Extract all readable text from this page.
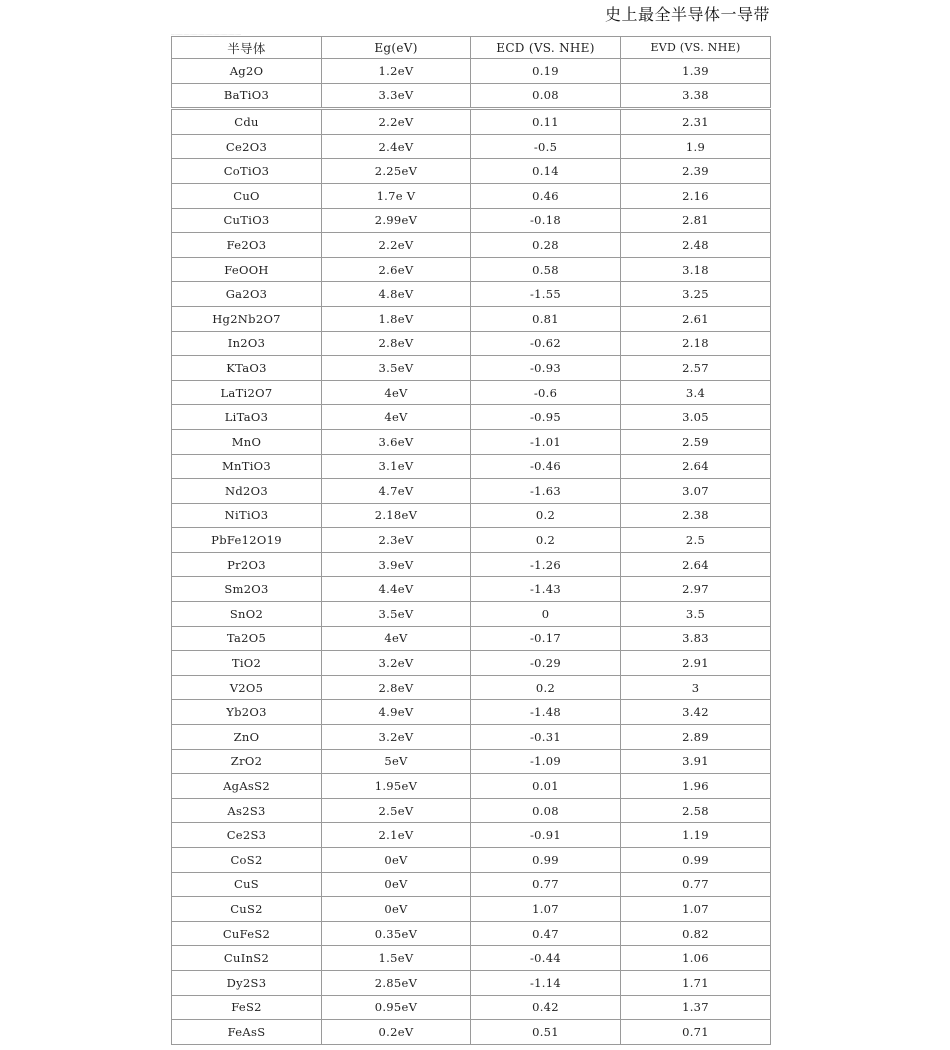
史上最全半导体一导带
·····························································
半导体	Eg(eV)	ECD (VS. NHE)	EVD (VS. NHE)
Ag2O	1.2eV	0.19	1.39
BaTiO3	3.3eV	0.08	3.38
Cdu	2.2eV	0.11	2.31
Ce2O3	2.4eV	-0.5	1.9
CoTiO3	2.25eV	0.14	2.39
CuO	1.7e V	0.46	2.16
CuTiO3	2.99eV	-0.18	2.81
Fe2O3	2.2eV	0.28	2.48
FeOOH	2.6eV	0.58	3.18
Ga2O3	4.8eV	-1.55	3.25
Hg2Nb2O7	1.8eV	0.81	2.61
In2O3	2.8eV	-0.62	2.18
KTaO3	3.5eV	-0.93	2.57
LaTi2O7	4eV	-0.6	3.4
LiTaO3	4eV	-0.95	3.05
MnO	3.6eV	-1.01	2.59
MnTiO3	3.1eV	-0.46	2.64
Nd2O3	4.7eV	-1.63	3.07
NiTiO3	2.18eV	0.2	2.38
PbFe12O19	2.3eV	0.2	2.5
Pr2O3	3.9eV	-1.26	2.64
Sm2O3	4.4eV	-1.43	2.97
SnO2	3.5eV	0	3.5
Ta2O5	4eV	-0.17	3.83
TiO2	3.2eV	-0.29	2.91
V2O5	2.8eV	0.2	3
Yb2O3	4.9eV	-1.48	3.42
ZnO	3.2eV	-0.31	2.89
ZrO2	5eV	-1.09	3.91
AgAsS2	1.95eV	0.01	1.96
As2S3	2.5eV	0.08	2.58
Ce2S3	2.1eV	-0.91	1.19
CoS2	0eV	0.99	0.99
CuS	0eV	0.77	0.77
CuS2	0eV	1.07	1.07
CuFeS2	0.35eV	0.47	0.82
CuInS2	1.5eV	-0.44	1.06
Dy2S3	2.85eV	-1.14	1.71
FeS2	0.95eV	0.42	1.37
FeAsS	0.2eV	0.51	0.71
